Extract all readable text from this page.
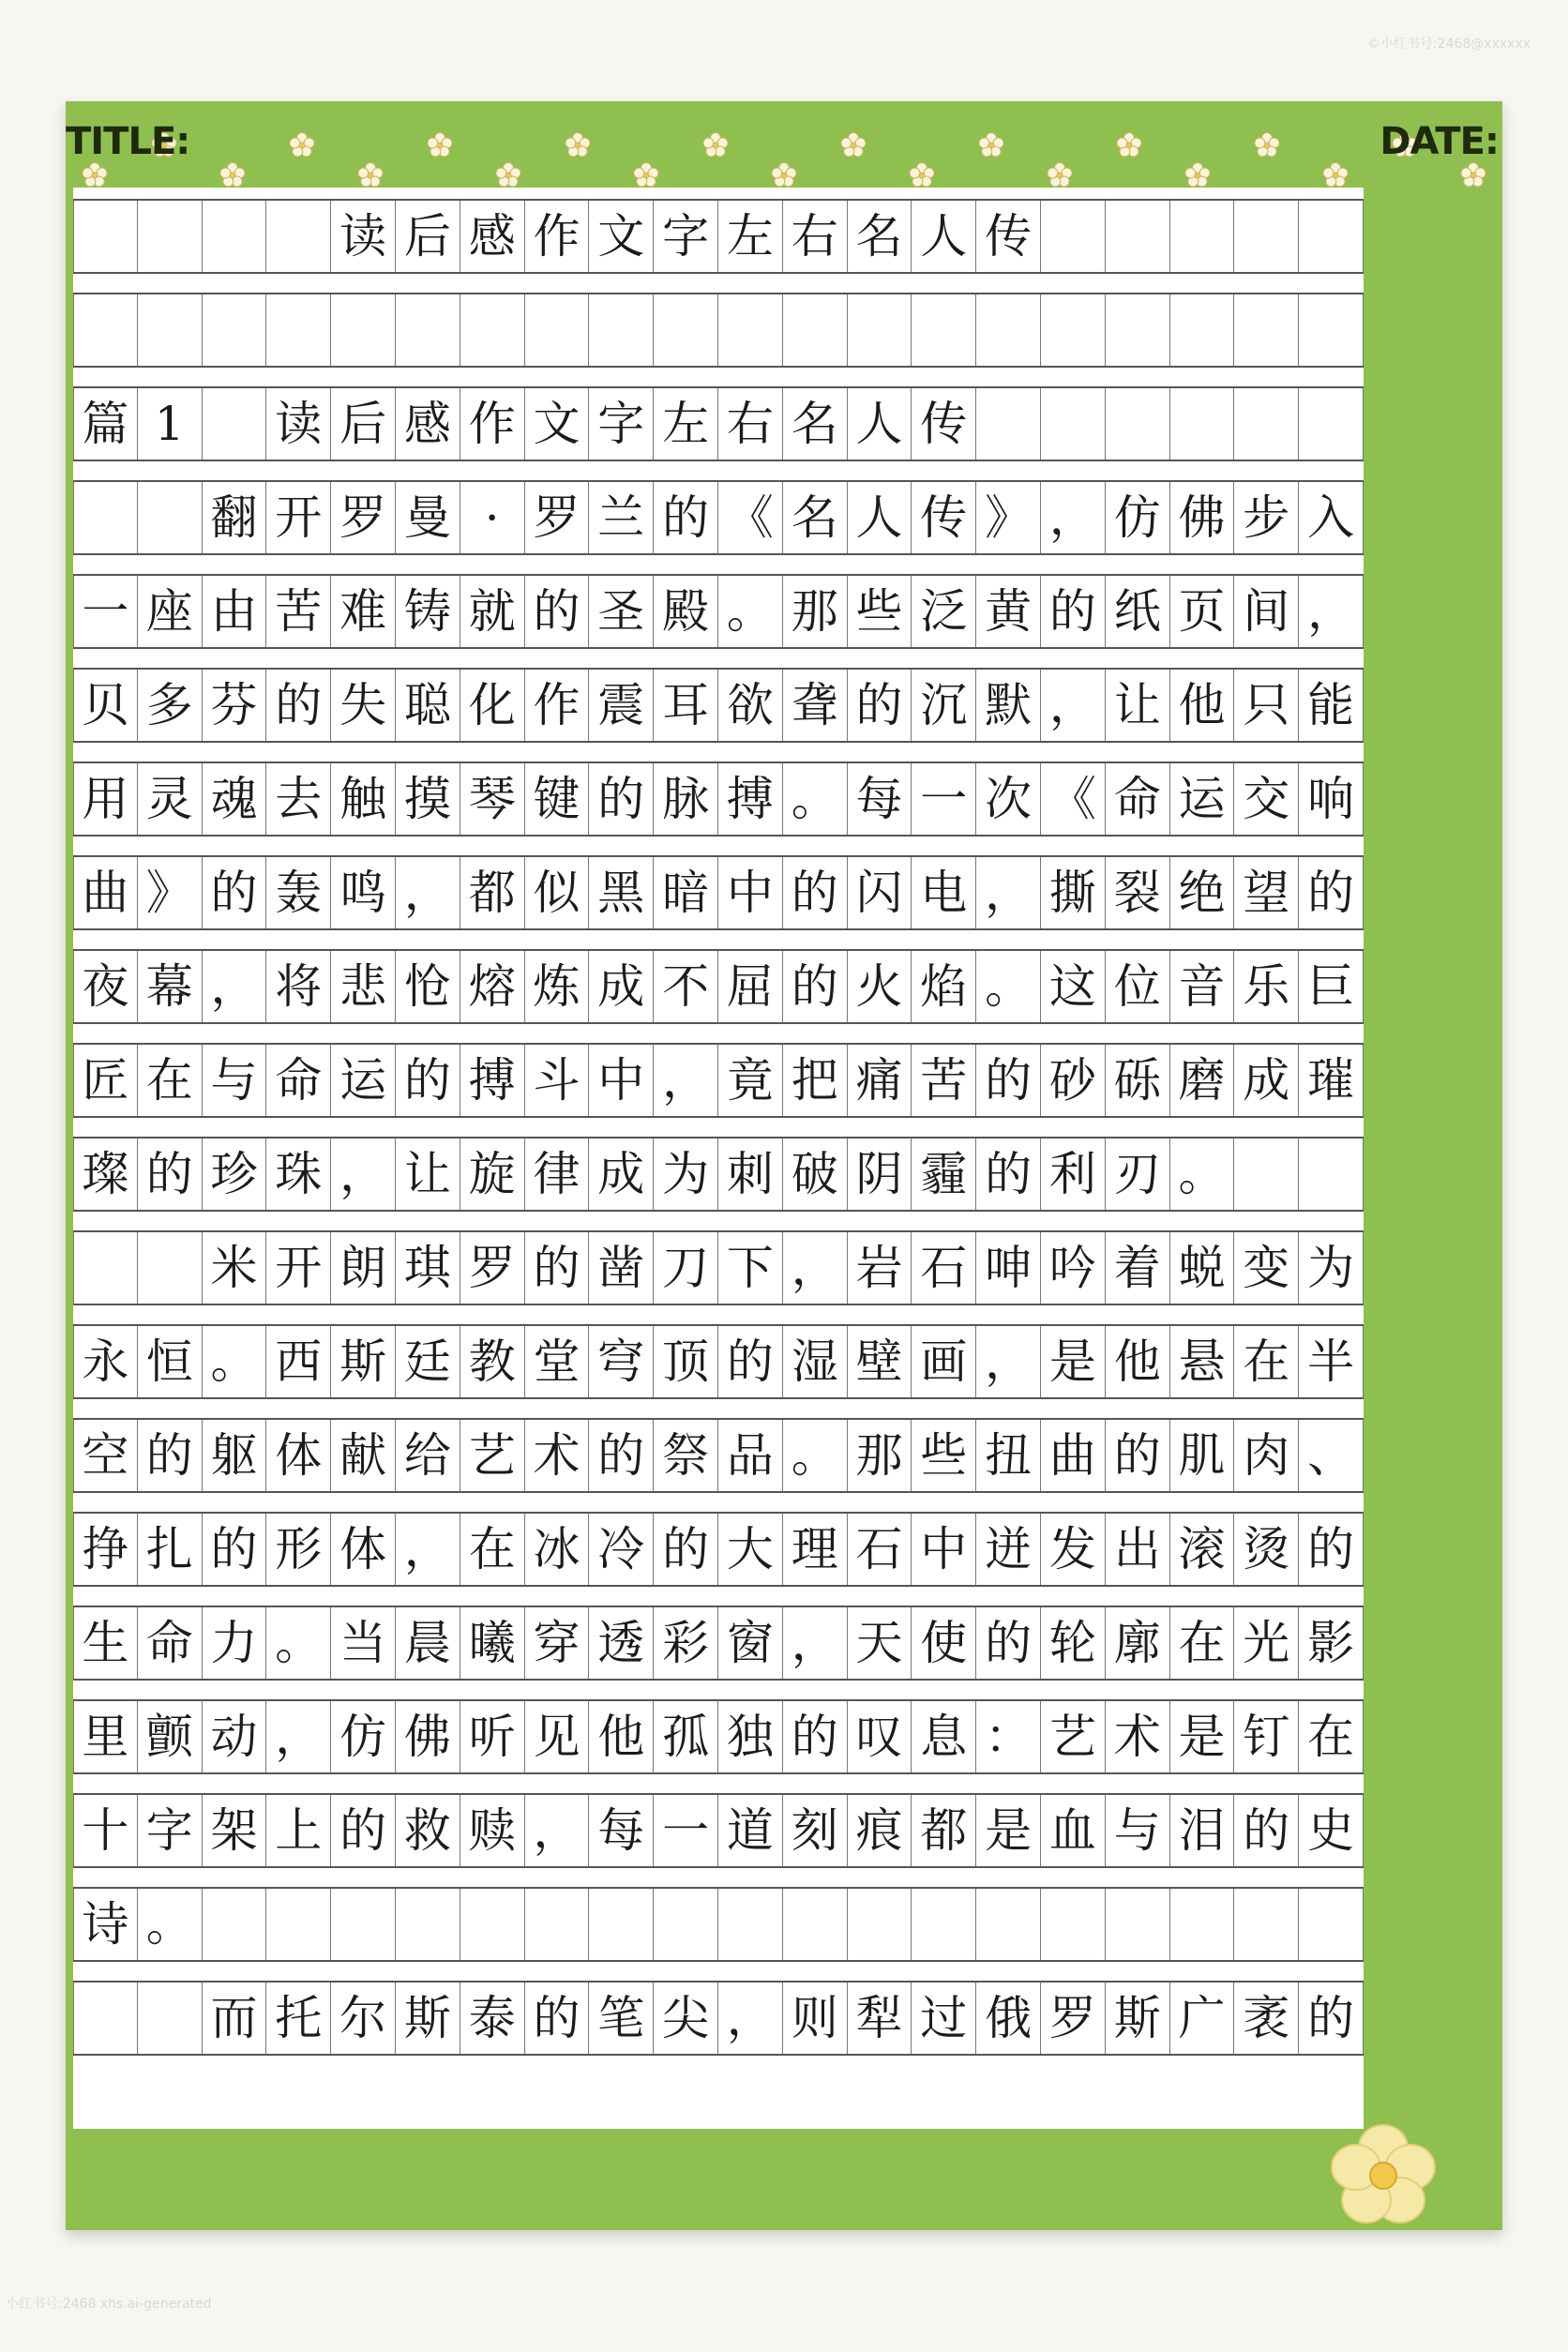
TITLE:	DATE:
读 后 感 作 文 字 左 右 名 人 传
篇 1	读 后 感 作 文 字 左 右 名 人 传
翻 开 罗 曼 · 罗 兰 的 《 名 人 传 》 ， 仿 佛 步 入
一 座 由 苦 难 铸 就 的 圣 殿 。 那 些 泛 黄 的 纸 页 间 ，
贝 多 芬 的 失 聪 化 作 震 耳 欲 聋 的 沉 默 ， 让 他 只 能
用 灵 魂 去 触 摸 琴 键 的 脉 搏 。 每 一 次 《 命 运 交 响
曲 》 的 轰 鸣 ， 都 似 黑 暗 中 的 闪 电 ， 撕 裂 绝 望 的
夜 幕 ， 将 悲 怆 熔 炼 成 不 屈 的 火 焰 。 这 位 音 乐 巨
匠 在 与 命 运 的 搏 斗 中 ， 竟 把 痛 苦 的 砂 砾 磨 成 璀
璨 的 珍 珠 ， 让 旋 律 成 为 刺 破 阴 霾 的 利 刃 。
米 开 朗 琪 罗 的 凿 刀 下 ， 岩 石 呻 吟 着 蜕 变 为
永 恒 。 西 斯 廷 教 堂 穹 顶 的 湿 壁 画 ， 是 他 悬 在 半
空 的 躯 体 献 给 艺 术 的 祭 品 。 那 些 扭 曲 的 肌 肉 、
挣 扎 的 形 体 ， 在 冰 冷 的 大 理 石 中 迸 发 出 滚 烫 的
生 命 力 。 当 晨 曦 穿 透 彩 窗 ， 天 使 的 轮 廓 在 光 影
里 颤 动 ， 仿 佛 听 见 他 孤 独 的 叹 息 ： 艺 术 是 钉 在
十 字 架 上 的 救 赎 ， 每 一 道 刻 痕 都 是 血 与 泪 的 史
诗 。
而 托 尔 斯 泰 的 笔 尖 ， 则 犁 过 俄 罗 斯 广 袤 的
©小红书号:2468@xxxxxx
小红书号:2468 xhs.ai-generated
